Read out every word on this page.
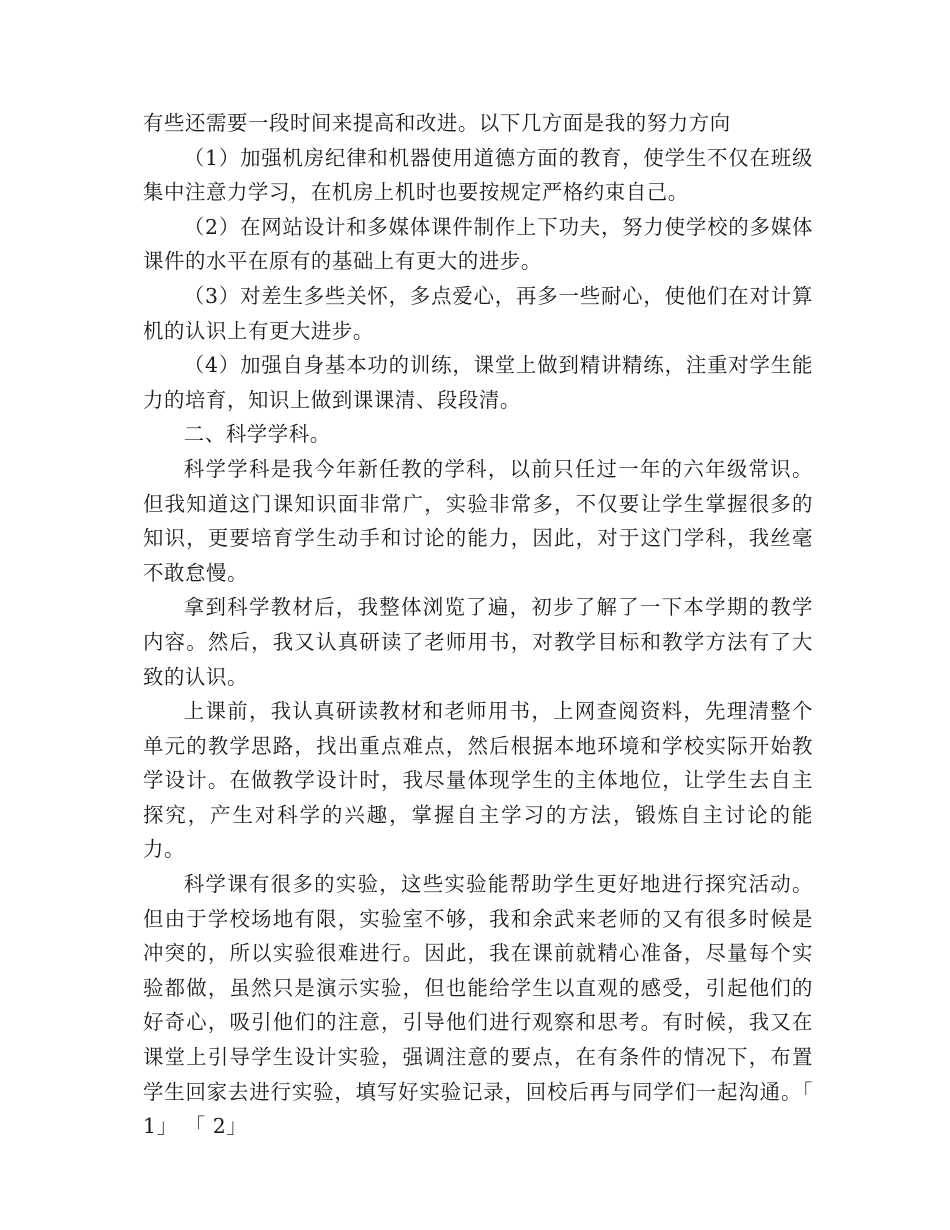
有些还需要一段时间来提高和改进。以下几方面是我的努力方向

（1）加强机房纪律和机器使用道德方面的教育，使学生不仅在班级集中注意力学习，在机房上机时也要按规定严格约束自己。

（2）在网站设计和多媒体课件制作上下功夫，努力使学校的多媒体课件的水平在原有的基础上有更大的进步。

（3）对差生多些关怀，多点爱心，再多一些耐心，使他们在对计算机的认识上有更大进步。

（4）加强自身基本功的训练，课堂上做到精讲精练，注重对学生能力的培育，知识上做到课课清、段段清。

二、科学学科。

科学学科是我今年新任教的学科，以前只任过一年的六年级常识。但我知道这门课知识面非常广，实验非常多，不仅要让学生掌握很多的知识，更要培育学生动手和讨论的能力，因此，对于这门学科，我丝毫不敢怠慢。

拿到科学教材后，我整体浏览了遍，初步了解了一下本学期的教学内容。然后，我又认真研读了老师用书，对教学目标和教学方法有了大致的认识。

上课前，我认真研读教材和老师用书，上网查阅资料，先理清整个单元的教学思路，找出重点难点，然后根据本地环境和学校实际开始教学设计。在做教学设计时，我尽量体现学生的主体地位，让学生去自主探究，产生对科学的兴趣，掌握自主学习的方法，锻炼自主讨论的能力。

科学课有很多的实验，这些实验能帮助学生更好地进行探究活动。但由于学校场地有限，实验室不够，我和余武来老师的又有很多时候是冲突的，所以实验很难进行。因此，我在课前就精心准备，尽量每个实验都做，虽然只是演示实验，但也能给学生以直观的感受，引起他们的好奇心，吸引他们的注意，引导他们进行观察和思考。有时候，我又在课堂上引导学生设计实验，强调注意的要点，在有条件的情况下，布置学生回家去进行实验，填写好实验记录，回校后再与同学们一起沟通。「 1」 「 2」
